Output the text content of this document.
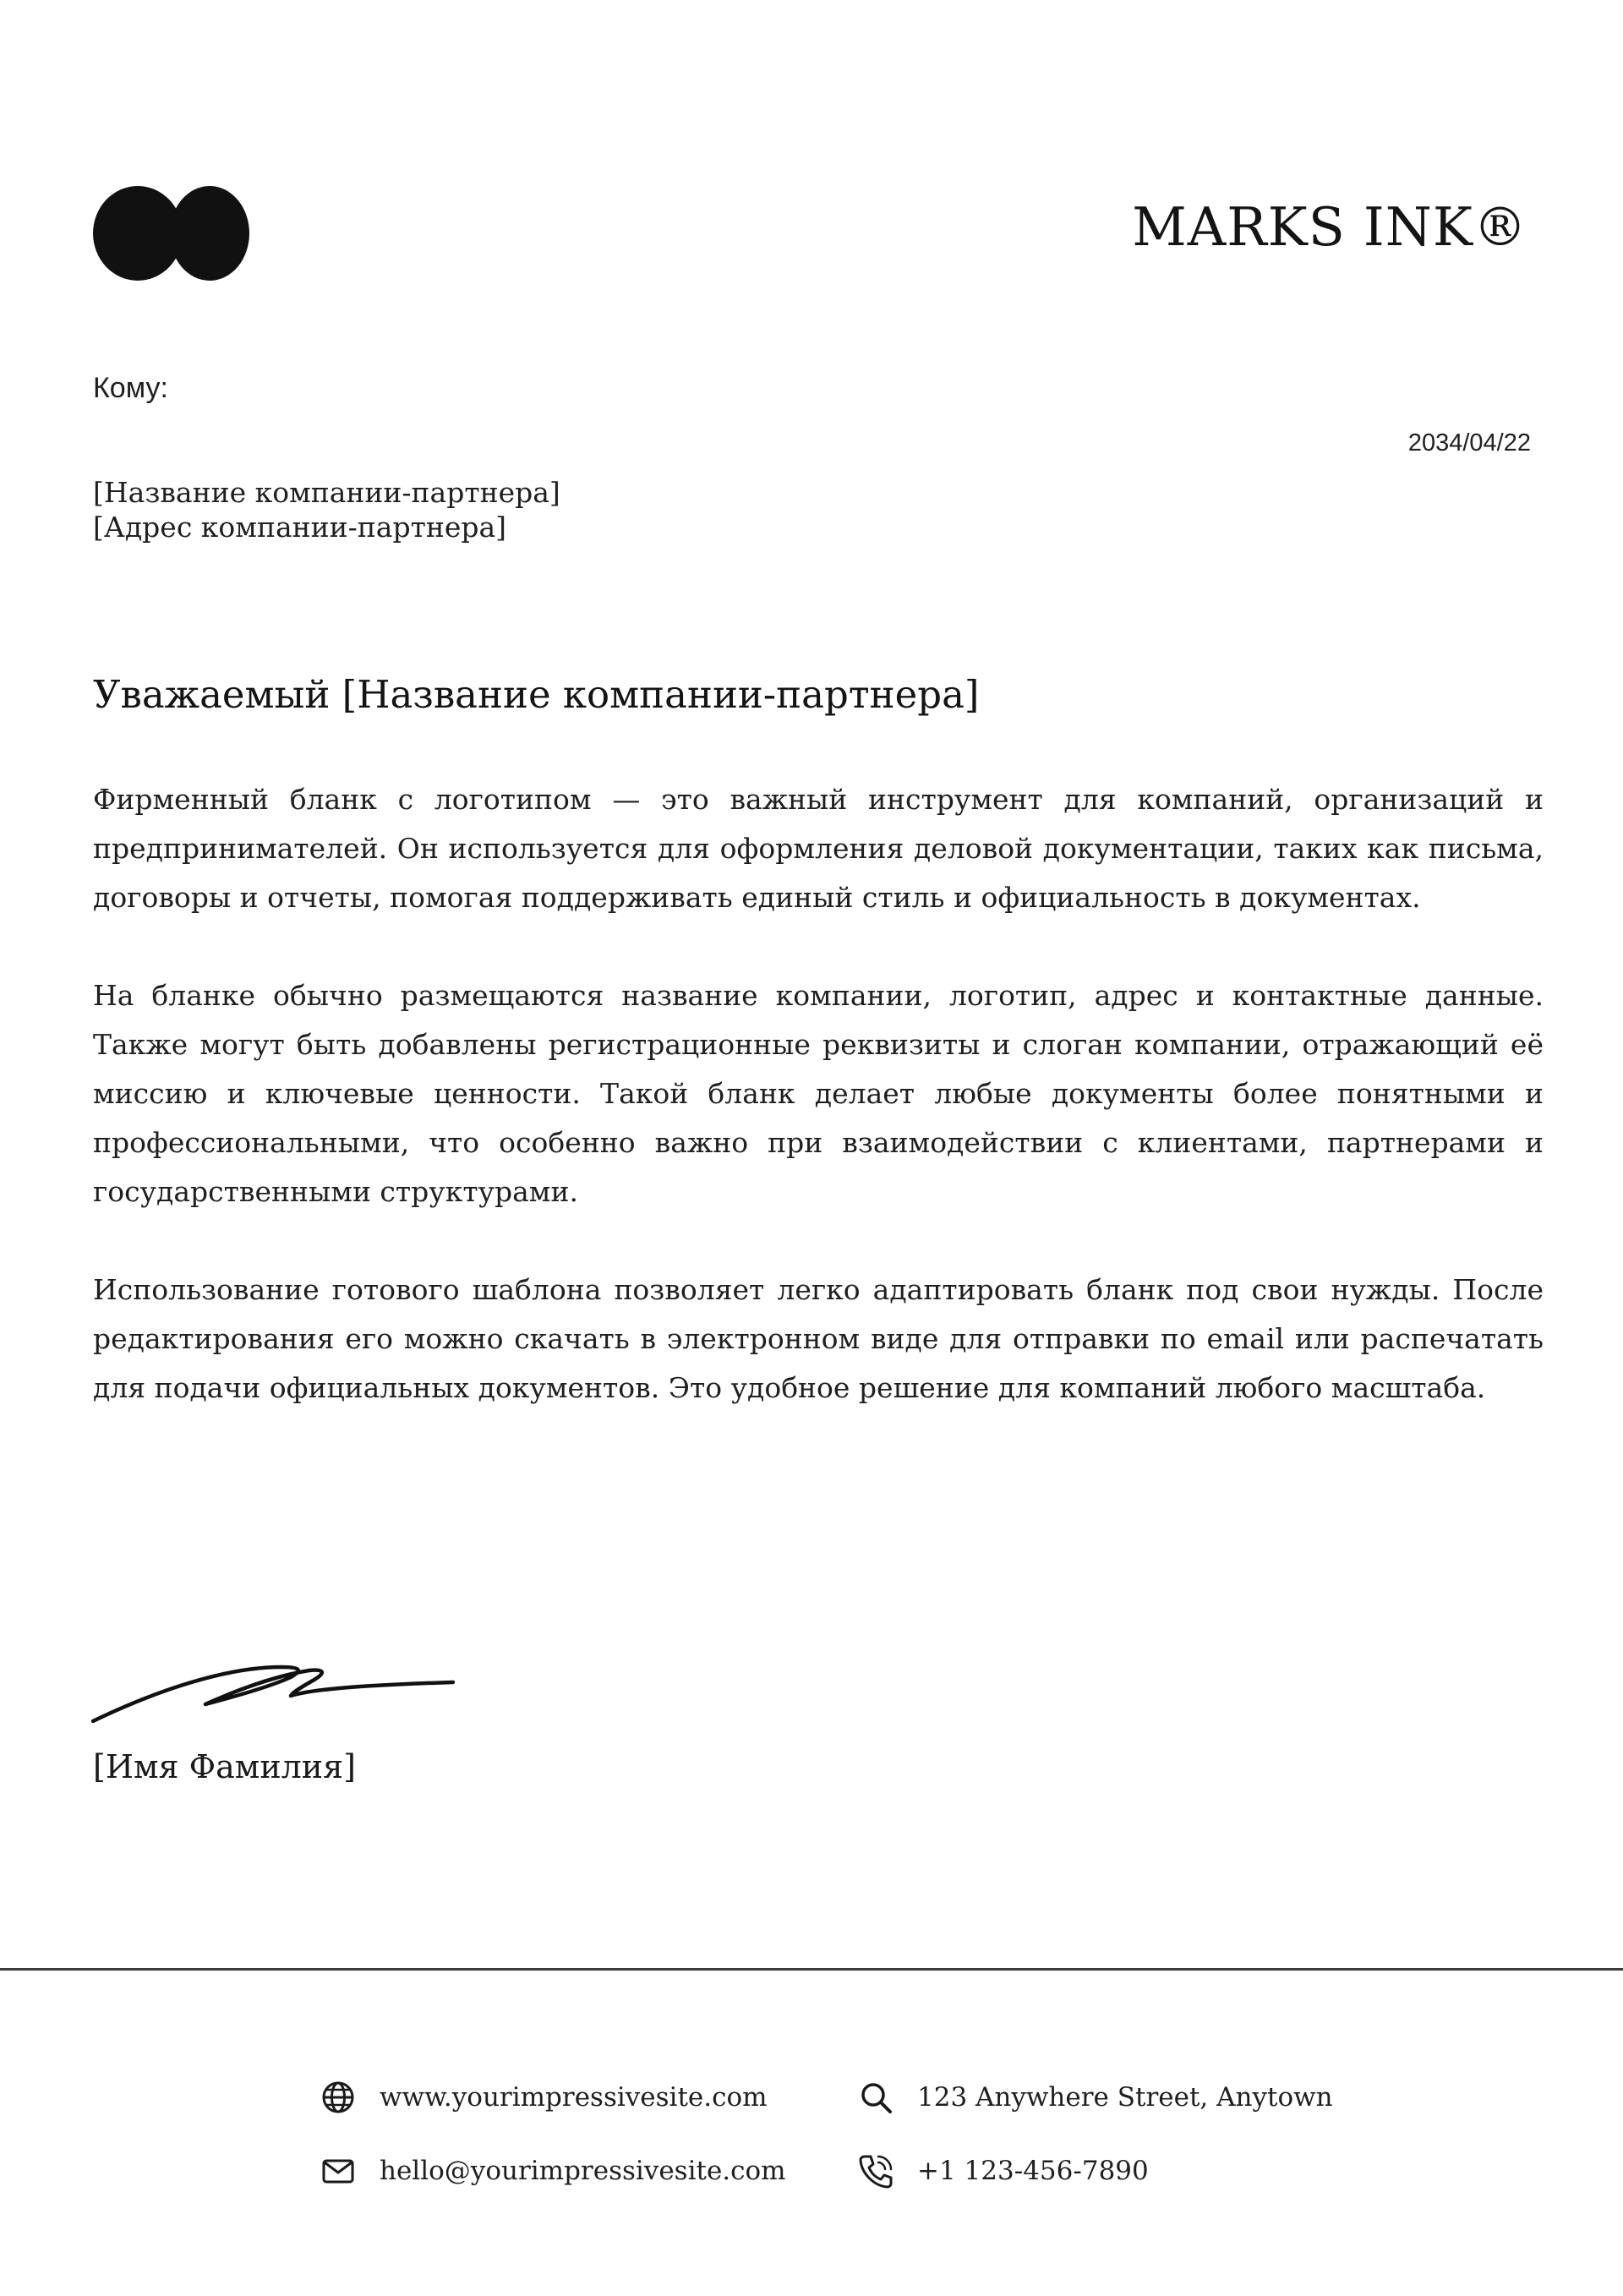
MARKS INK®
Кому:
2034/04/22
[Название компании-партнера]
[Адрес компании-партнера]
Уважаемый [Название компании-партнера]

Фирменный бланк с логотипом — это важный инструмент для компаний, организаций и предпринимателей. Он используется для оформления деловой документации, таких как письма, договоры и отчеты, помогая поддерживать единый стиль и официальность в документах.

На бланке обычно размещаются название компании, логотип, адрес и контактные данные. Также могут быть добавлены регистрационные реквизиты и слоган компании, отражающий её миссию и ключевые ценности. Такой бланк делает любые документы более понятными и профессиональными, что особенно важно при взаимодействии с клиентами, партнерами и государственными структурами.

Использование готового шаблона позволяет легко адаптировать бланк под свои нужды. После редактирования его можно скачать в электронном виде для отправки по email или распечатать для подачи официальных документов. Это удобное решение для компаний любого масштаба.

[Имя Фамилия]
www.yourimpressivesite.com	123 Anywhere Street, Anytown
hello@yourimpressivesite.com	+1 123-456-7890
